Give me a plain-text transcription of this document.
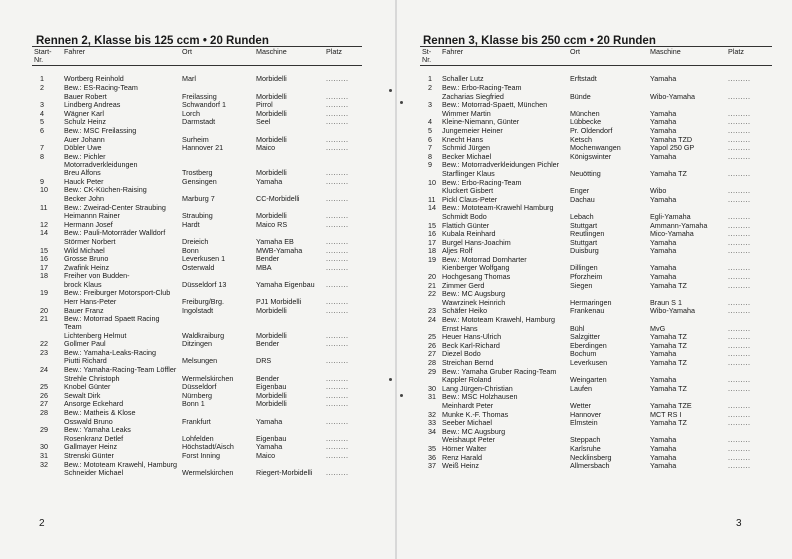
Rennen 2, Klasse bis 125 ccm • 20 Runden
Start-
Nr.	Fahrer	Ort	Maschine	Platz
1	Wortberg Reinhold	Marl	Morbidelli	.........
2	Bew.: ES-Racing-Team			
	Bauer Robert	Freilassing	Morbidelli	.........
3	Lindberg Andreas	Schwandorf 1	Pirrol	.........
4	Wägner Karl	Lorch	Morbidelli	.........
5	Schulz Heinz	Darmstadt	Seel	.........
6	Bew.: MSC Freilassing			
	Auer Johann	Surheim	Morbidelli	.........
7	Döbler Uwe	Hannover 21	Maico	.........
8	Bew.: Pichler Motorradverkleidungen			
	Breu Alfons	Trostberg	Morbidelli	.........
9	Hauck Peter	Gensingen	Yamaha	.........
10	Bew.: CK-Küchen-Raising			
	Becker John	Marburg 7	CC-Morbidelli	.........
11	Bew.: Zweirad-Center Straubing			
	Heimannn Rainer	Straubing	Morbidelli	.........
12	Hermann Josef	Hardt	Maico RS	.........
14	Bew.: Pauli-Motorräder Walldorf			
	Störmer Norbert	Dreieich	Yamaha EB	.........
15	Wild Michael	Bonn	MWB-Yamaha	.........
16	Grosse Bruno	Leverkusen 1	Bender	.........
17	Zwafink Heinz	Osterwald	MBA	.........
18	Freiher von Budden-			
	brock Klaus	Düsseldorf 13	Yamaha Eigenbau	.........
19	Bew.: Freiburger Motorsport-Club			
	Herr Hans-Peter	Freiburg/Brg.	PJ1 Morbidelli	.........
20	Bauer Franz	Ingolstadt	Morbidelli	.........
21	Bew.: Motorrad Spaett Racing Team			
	Lichtenberg Helmut	Waldkraiburg	Morbidelli	.........
22	Gollmer Paul	Ditzingen	Bender	.........
23	Bew.: Yamaha-Leaks-Racing			
	Piutti Richard	Melsungen	DRS	.........
24	Bew.: Yamaha-Racing-Team Löffler			
	Strehle Christoph	Wermelskirchen	Bender	.........
25	Knobel Günter	Düsseldorf	Eigenbau	.........
26	Sewalt Dirk	Nürnberg	Morbidelli	.........
27	Ansorge Eckehard	Bonn 1	Morbidelli	.........
28	Bew.: Matheis & Klose			
	Osswald Bruno	Frankfurt	Yamaha	.........
29	Bew.: Yamaha Leaks			
	Rosenkranz Detlef	Lohfelden	Eigenbau	.........
30	Gallmayer Heinz	Höchstadt/Aisch	Yamaha	.........
31	Strenski Günter	Forst Inning	Maico	.........
32	Bew.: Mototeam Krawehl, Hamburg			
	Schneider Michael	Wermelskirchen	Riegert-Morbidelli	.........
2
Rennen 3, Klasse bis 250 ccm • 20 Runden
St-Nr.	Fahrer	Ort	Maschine	Platz
1	Schaller Lutz	Erftstadt	Yamaha	.........
2	Bew.: Erbo-Racing-Team			
	Zacharias Siegfried	Bünde	Wibo-Yamaha	.........
3	Bew.: Motorrad-Spaett, München			
	Wimmer Martin	München	Yamaha	.........
4	Kleine-Niemann, Günter	Lübbecke	Yamaha	.........
5	Jungemeier Heiner	Pr. Oldendorf	Yamaha	.........
6	Knecht Hans	Ketsch	Yamaha TZD	.........
7	Schmid Jürgen	Mochenwangen	Yapol 250 GP	.........
8	Becker Michael	Königswinter	Yamaha	.........
9	Bew.: Motorradverkleidungen Pichler			
	Starflinger Klaus	Neuötting	Yamaha TZ	.........
10	Bew.: Erbo-Racing-Team			
	Kluckert Gisbert	Enger	Wibo	.........
11	Pickl Claus-Peter	Dachau	Yamaha	.........
14	Bew.: Mototeam-Krawehl Hamburg			
	Schmidt Bodo	Lebach	Egli-Yamaha	.........
15	Flattich Günter	Stuttgart	Ammann-Yamaha	.........
16	Kubala Reinhard	Reutlingen	Mico-Yamaha	.........
17	Burgel Hans-Joachim	Stuttgart	Yamaha	.........
18	Aljes Rolf	Duisburg	Yamaha	.........
19	Bew.: Motorrad Dornharter			
	Kienberger Wolfgang	Dillingen	Yamaha	.........
20	Hochgesang Thomas	Pforzheim	Yamaha	.........
21	Zimmer Gerd	Siegen	Yamaha TZ	.........
22	Bew.: MC Augsburg			
	Wawrzinek Heinrich	Hermaringen	Braun S 1	.........
23	Schäfer Heiko	Frankenau	Wibo-Yamaha	.........
24	Bew.: Mototeam Krawehl, Hamburg			
	Ernst Hans	Bühl	MvG	.........
25	Heuer Hans-Ulrich	Salzgitter	Yamaha TZ	.........
26	Beck Karl-Richard	Eberdingen	Yamaha TZ	.........
27	Diezel Bodo	Bochum	Yamaha	.........
28	Streichan Bernd	Leverkusen	Yamaha TZ	.........
29	Bew.: Yamaha Gruber Racing-Team			
	Kappler Roland	Weingarten	Yamaha	.........
30	Lang Jürgen-Christian	Laufen	Yamaha TZ	.........
31	Bew.: MSC Holzhausen			
	Meinhardt Peter	Wetter	Yamaha TZE	.........
32	Munke K.-F. Thomas	Hannover	MCT RS I	.........
33	Seeber Michael	Elmstein	Yamaha TZ	.........
34	Bew.: MC Augsburg			
	Weishaupt Peter	Steppach	Yamaha	.........
35	Hörner Walter	Karlsruhe	Yamaha	.........
36	Renz Harald	Necklinsberg	Yamaha	.........
37	Weiß Heinz	Allmersbach	Yamaha	.........
3
